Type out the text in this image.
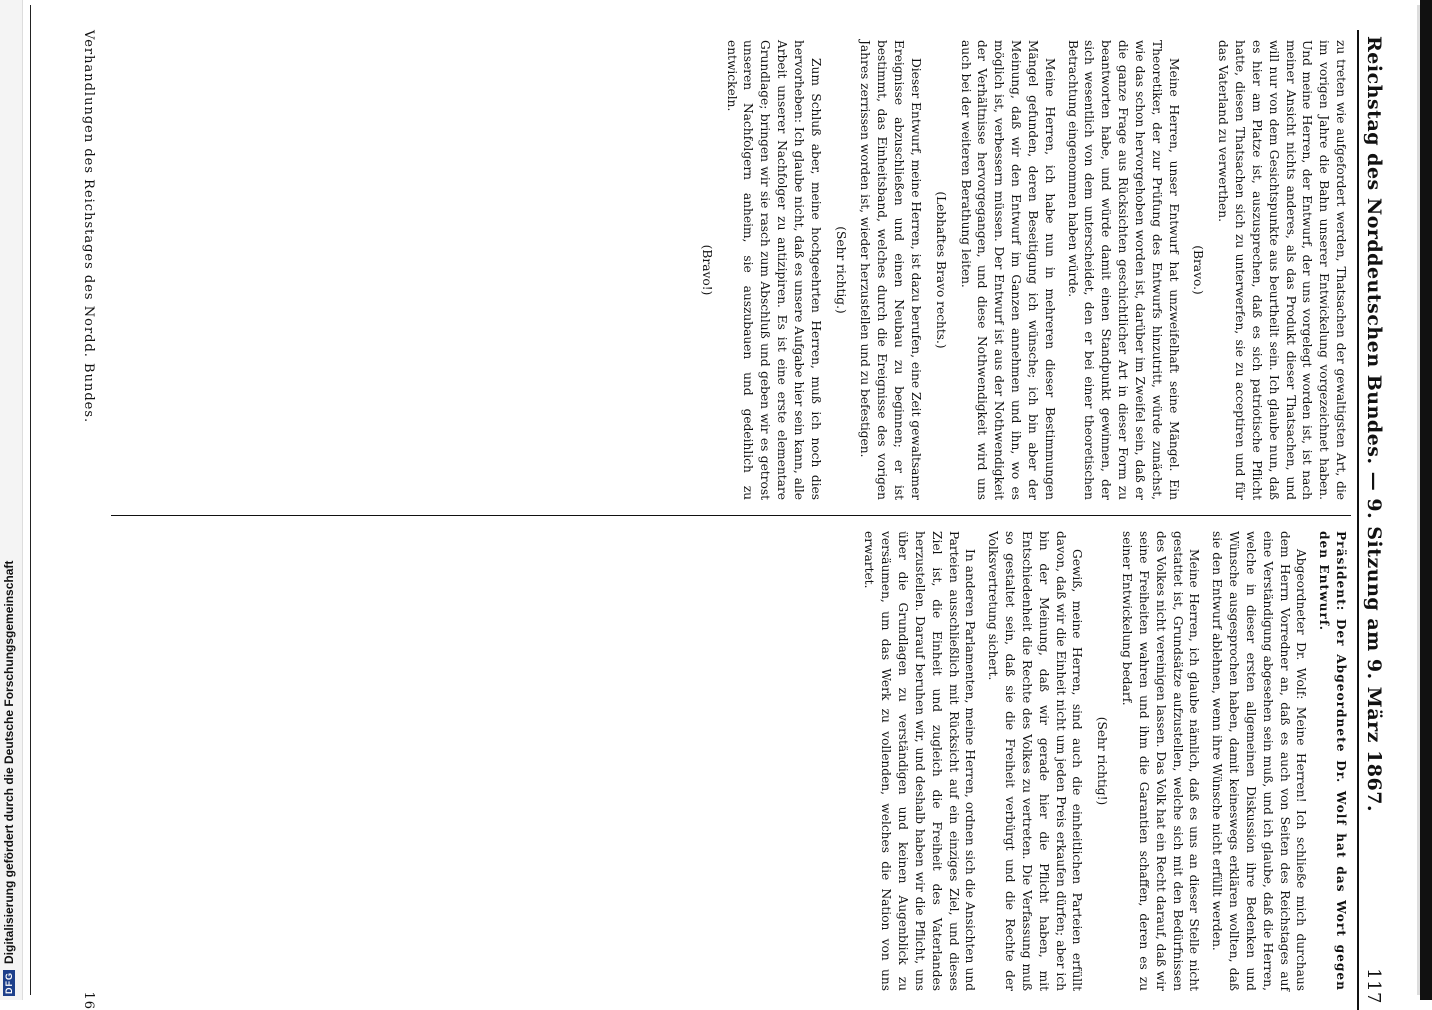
DFG
Digitalisierung gefördert durch die Deutsche Forschungsgemeinschaft	Reichstag des Norddeutschen Bundes. — 9. Sitzung am 9. März 1867.
117

zu treten wie aufgefordert werden, Thatsachen der gewaltigsten Art, die im vorigen Jahre die Bahn unserer Entwickelung vorgezeichnet haben. Und meine Herren, der Entwurf, der uns vorgelegt worden ist, ist nach meiner Ansicht nichts anderes, als das Produkt dieser Thatsachen, und will nur von dem Gesichtspunkte aus beurtheilt sein. Ich glaube nun, daß es hier am Platze ist, auszusprechen, daß es sich patriotische Pflicht hatte, diesen Thatsachen sich zu unterwerfen, sie zu acceptiren und für das Vaterland zu verwerthen.

(Bravo.)

Meine Herren, unser Entwurf hat unzweifelhaft seine Mängel. Ein Theoretiker, der zur Prüfung des Entwurfs hinzutritt, würde zunächst, wie das schon hervorgehoben worden ist, darüber im Zweifel sein, daß er die ganze Frage aus Rücksichten geschichtlicher Art in dieser Form zu beantworten habe, und würde damit einen Standpunkt gewinnen, der sich wesentlich von dem unterscheidet, den er bei einer theoretischen Betrachtung eingenommen haben würde.

Meine Herren, ich habe nun in mehreren dieser Bestimmungen Mängel gefunden, deren Beseitigung ich wünsche; ich bin aber der Meinung, daß wir den Entwurf im Ganzen annehmen und ihn, wo es möglich ist, verbessern müssen. Der Entwurf ist aus der Nothwendigkeit der Verhältnisse hervorgegangen, und diese Nothwendigkeit wird uns auch bei der weiteren Berathung leiten.

(Lebhaftes Bravo rechts.)

Dieser Entwurf, meine Herren, ist dazu berufen, eine Zeit gewaltsamer Ereignisse abzuschließen und einen Neubau zu beginnen; er ist bestimmt, das Einheitsband, welches durch die Ereignisse des vorigen Jahres zerrissen worden ist, wieder herzustellen und zu befestigen.

(Sehr richtig.)

Zum Schluß aber, meine hochgeehrten Herren, muß ich noch dies hervorheben: Ich glaube nicht, daß es unsere Aufgabe hier sein kann, alle Arbeit unserer Nachfolger zu antizipiren. Es ist eine erste elementare Grundlage; bringen wir sie rasch zum Abschluß und geben wir es getrost unseren Nachfolgern anheim, sie auszubauen und gedeihlich zu entwickeln.

(Bravo!)

Präsident: Der Abgeordnete Dr. Wolf hat das Wort gegen den Entwurf.

Abgeordneter Dr. Wolf: Meine Herren! Ich schließe mich durchaus dem Herrn Vorredner an, daß es auch von Seiten des Reichstages auf eine Verständigung abgesehen sein muß, und ich glaube, daß die Herren, welche in dieser ersten allgemeinen Diskussion ihre Bedenken und Wünsche ausgesprochen haben, damit keineswegs erklären wollten, daß sie den Entwurf ablehnen, wenn ihre Wünsche nicht erfüllt werden.

Meine Herren, ich glaube nämlich, daß es uns an dieser Stelle nicht gestattet ist, Grundsätze aufzustellen, welche sich mit den Bedürfnissen des Volkes nicht vereinigen lassen. Das Volk hat ein Recht darauf, daß wir seine Freiheiten wahren und ihm die Garantien schaffen, deren es zu seiner Entwickelung bedarf.

(Sehr richtig!)

Gewiß, meine Herren, sind auch die einheitlichen Parteien erfüllt davon, daß wir die Einheit nicht um jeden Preis erkaufen dürfen; aber ich bin der Meinung, daß wir gerade hier die Pflicht haben, mit Entschiedenheit die Rechte des Volkes zu vertreten. Die Verfassung muß so gestaltet sein, daß sie die Freiheit verbürgt und die Rechte der Volksvertretung sichert.

In anderen Parlamenten, meine Herren, ordnen sich die Ansichten und Parteien ausschließlich mit Rücksicht auf ein einziges Ziel, und dieses Ziel ist, die Einheit und zugleich die Freiheit des Vaterlandes herzustellen. Darauf beruhen wir, und deshalb haben wir die Pflicht, uns über die Grundlagen zu verständigen und keinen Augenblick zu versäumen, um das Werk zu vollenden, welches die Nation von uns erwartet.

Verhandlungen des Reichstages des Nordd. Bundes.
16
